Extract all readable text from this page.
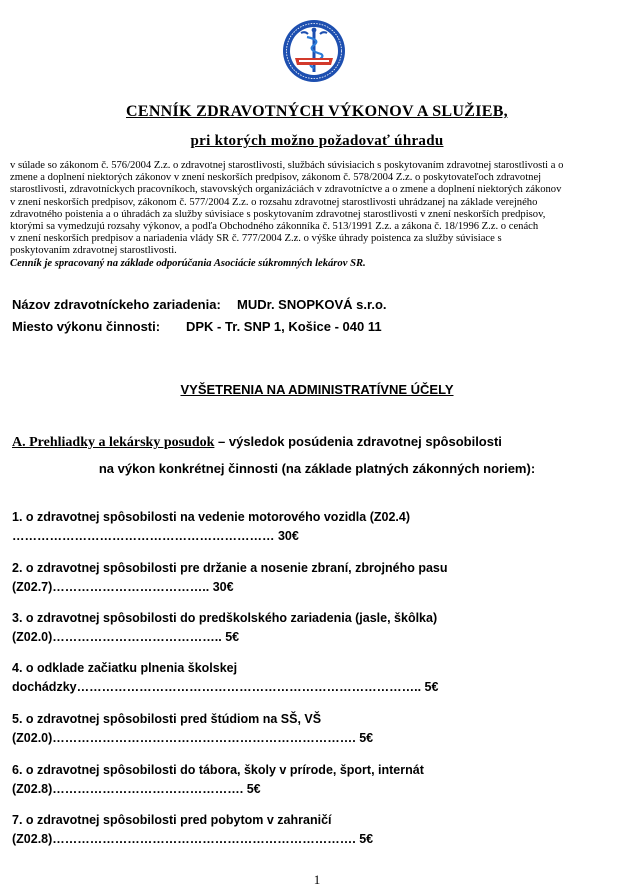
CENNÍK ZDRAVOTNÝCH VÝKONOV A SLUŽIEB,
pri ktorých možno požadovať úhradu
v súlade so zákonom č. 576/2004 Z.z. o zdravotnej starostlivosti, službách súvisiacich s poskytovaním zdravotnej starostlivosti a o
zmene a doplnení niektorých zákonov v znení neskorších predpisov, zákonom č. 578/2004 Z.z. o poskytovateľoch zdravotnej
starostlivosti, zdravotníckych pracovníkoch, stavovských organizáciách v zdravotníctve a o zmene a doplnení niektorých zákonov
v znení neskorších predpisov, zákonom č. 577/2004 Z.z. o rozsahu zdravotnej starostlivosti uhrádzanej na základe verejného
zdravotného poistenia a o úhradách za služby súvisiace s poskytovaním zdravotnej starostlivosti v znení neskorších predpisov,
ktorými sa vymedzujú rozsahy výkonov, a podľa Obchodného zákonníka č. 513/1991 Z.z. a zákona č. 18/1996 Z.z. o cenách
v znení neskorších predpisov a nariadenia vlády SR č. 777/2004 Z.z. o výške úhrady poistenca za služby súvisiace s
poskytovaním zdravotnej starostlivosti.
Cenník je spracovaný na základe odporúčania Asociácie súkromných lekárov SR.
Názov zdravotníckeho zariadenia: MUDr. SNOPKOVÁ s.r.o.
Miesto výkonu činnosti: DPK - Tr. SNP 1, Košice - 040 11
VYŠETRENIA NA ADMINISTRATÍVNE ÚČELY
A. Prehliadky a lekársky posudok – výsledok posúdenia zdravotnej spôsobilosti
na výkon konkrétnej činnosti (na základe platných zákonných noriem):
1. o zdravotnej spôsobilosti na vedenie motorového vozidla (Z02.4)
……………………………………………………… 30€
2. o zdravotnej spôsobilosti pre držanie a nosenie zbraní, zbrojného pasu
(Z02.7)……………………………….. 30€
3. o zdravotnej spôsobilosti do predškolského zariadenia (jasle, škôlka)
(Z02.0)………………………………….. 5€
4. o odklade začiatku plnenia školskej
dochádzky……………………………………………………………………….. 5€
5. o zdravotnej spôsobilosti pred štúdiom na SŠ, VŠ
(Z02.0)………………………………………………………………. 5€
6. o zdravotnej spôsobilosti do tábora, školy v prírode, šport, internát
(Z02.8)………………………………………. 5€
7. o zdravotnej spôsobilosti pred pobytom v zahraničí
(Z02.8)………………………………………………………………. 5€
1
